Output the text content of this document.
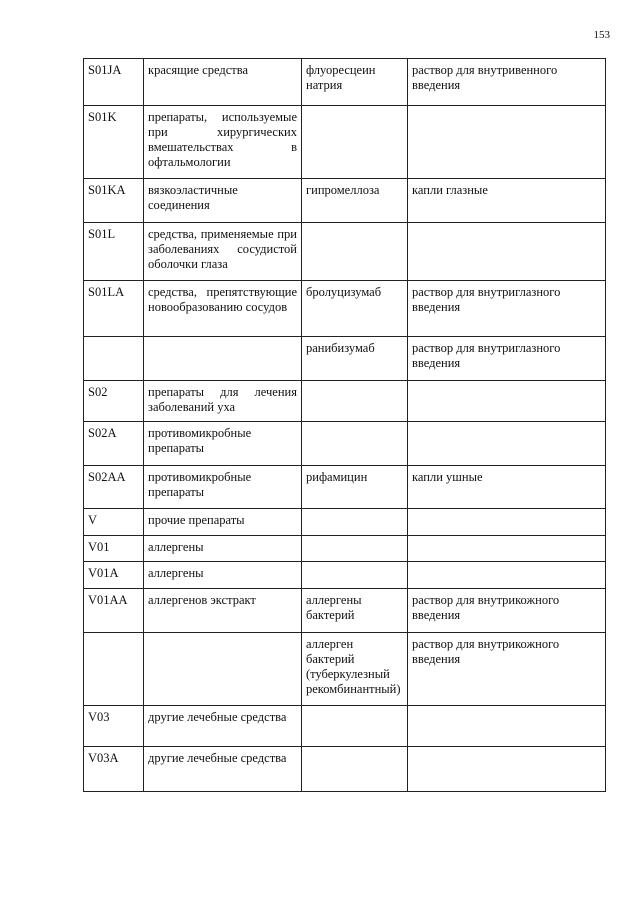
153
S01JA	красящие средства	флуоресцеин натрия	раствор для внутривенного введения
S01K	препараты, используемые при хирургических вмешательствах в офтальмологии		
S01KA	вязкоэластичные соединения	гипромеллоза	капли глазные
S01L	средства, применяемые при заболеваниях сосудистой оболочки глаза		
S01LA	средства, препятствующие новообразованию сосудов	бролуцизумаб	раствор для внутриглазного введения
		ранибизумаб	раствор для внутриглазного введения
S02	препараты для лечения заболеваний уха		
S02A	противомикробные препараты		
S02AA	противомикробные препараты	рифамицин	капли ушные
V	прочие препараты		
V01	аллергены		
V01A	аллергены		
V01AA	аллергенов экстракт	аллергены бактерий	раствор для внутрикожного введения
		аллерген бактерий (туберкулезный рекомбинантный)	раствор для внутрикожного введения
V03	другие лечебные средства		
V03A	другие лечебные средства		
